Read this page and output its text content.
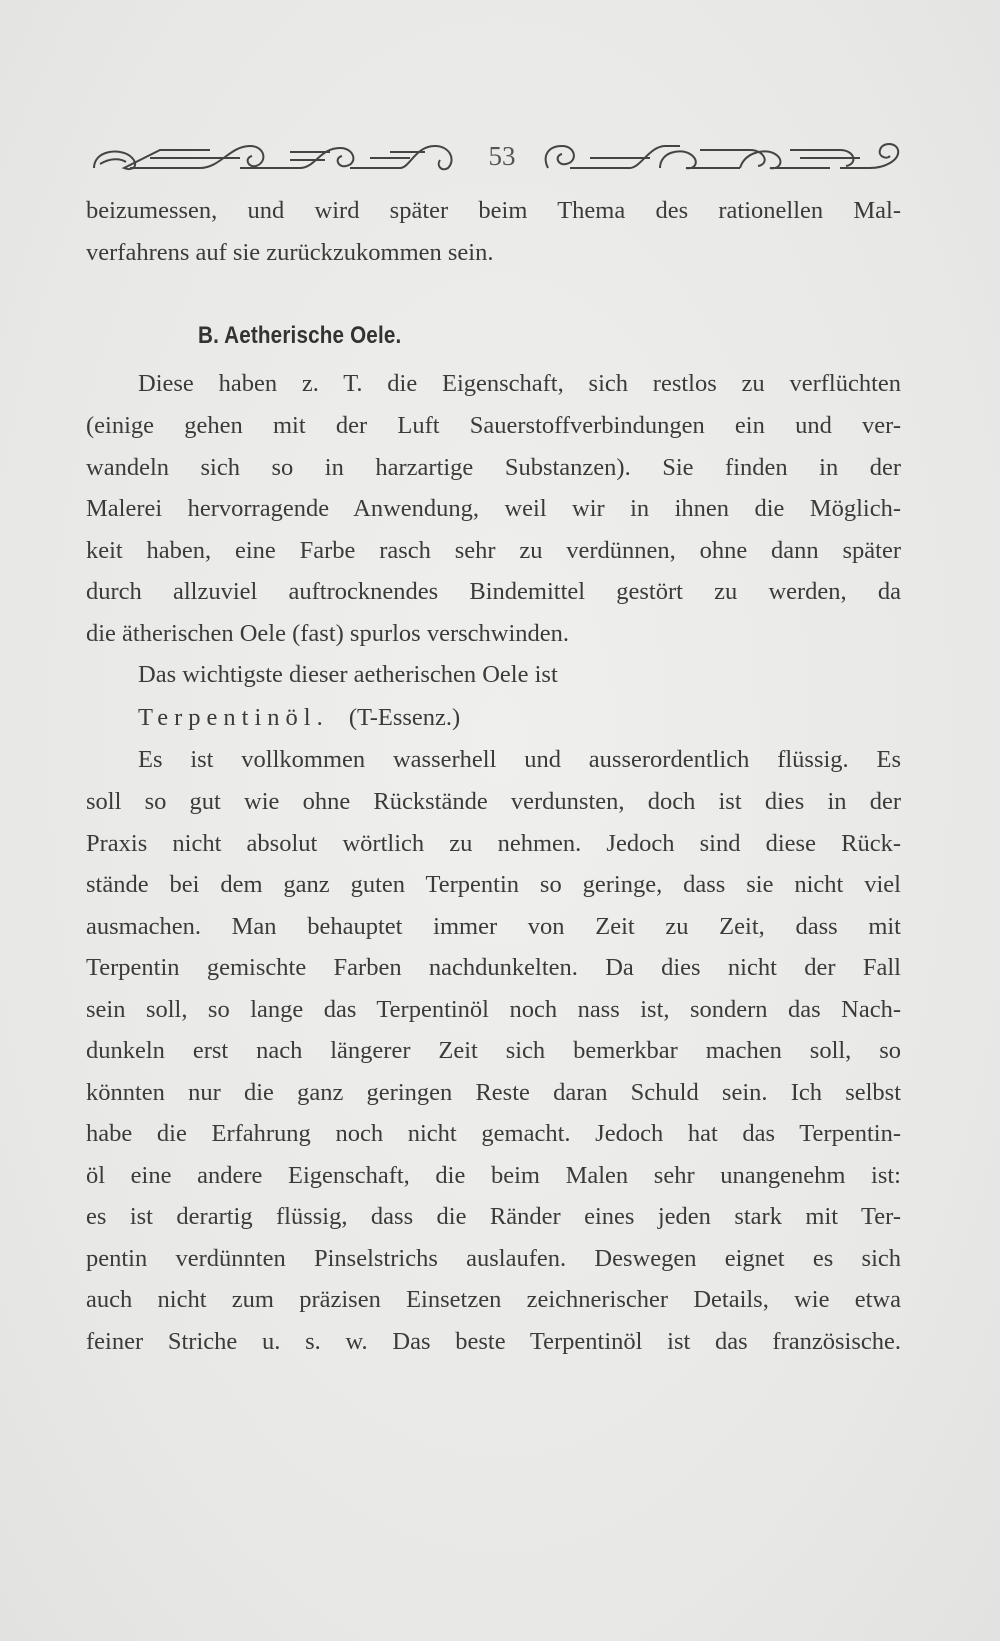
53
beizumessen, und wird später beim Thema des rationellen Mal-
verfahrens auf sie zurückzukommen sein.
B. Aetherische Oele.
Diese haben z. T. die Eigenschaft, sich restlos zu verflüchten
(einige gehen mit der Luft Sauerstoffverbindungen ein und ver-
wandeln sich so in harzartige Substanzen). Sie finden in der
Malerei hervorragende Anwendung, weil wir in ihnen die Möglich-
keit haben, eine Farbe rasch sehr zu verdünnen, ohne dann später
durch allzuviel auftrocknendes Bindemittel gestört zu werden, da
die ätherischen Oele (fast) spurlos verschwinden.
Das wichtigste dieser aetherischen Oele ist
Terpentinöl. (T-Essenz.)
Es ist vollkommen wasserhell und ausserordentlich flüssig. Es
soll so gut wie ohne Rückstände verdunsten, doch ist dies in der
Praxis nicht absolut wörtlich zu nehmen. Jedoch sind diese Rück-
stände bei dem ganz guten Terpentin so geringe, dass sie nicht viel
ausmachen. Man behauptet immer von Zeit zu Zeit, dass mit
Terpentin gemischte Farben nachdunkelten. Da dies nicht der Fall
sein soll, so lange das Terpentinöl noch nass ist, sondern das Nach-
dunkeln erst nach längerer Zeit sich bemerkbar machen soll, so
könnten nur die ganz geringen Reste daran Schuld sein. Ich selbst
habe die Erfahrung noch nicht gemacht. Jedoch hat das Terpentin-
öl eine andere Eigenschaft, die beim Malen sehr unangenehm ist:
es ist derartig flüssig, dass die Ränder eines jeden stark mit Ter-
pentin verdünnten Pinselstrichs auslaufen. Deswegen eignet es sich
auch nicht zum präzisen Einsetzen zeichnerischer Details, wie etwa
feiner Striche u. s. w. Das beste Terpentinöl ist das französische.
